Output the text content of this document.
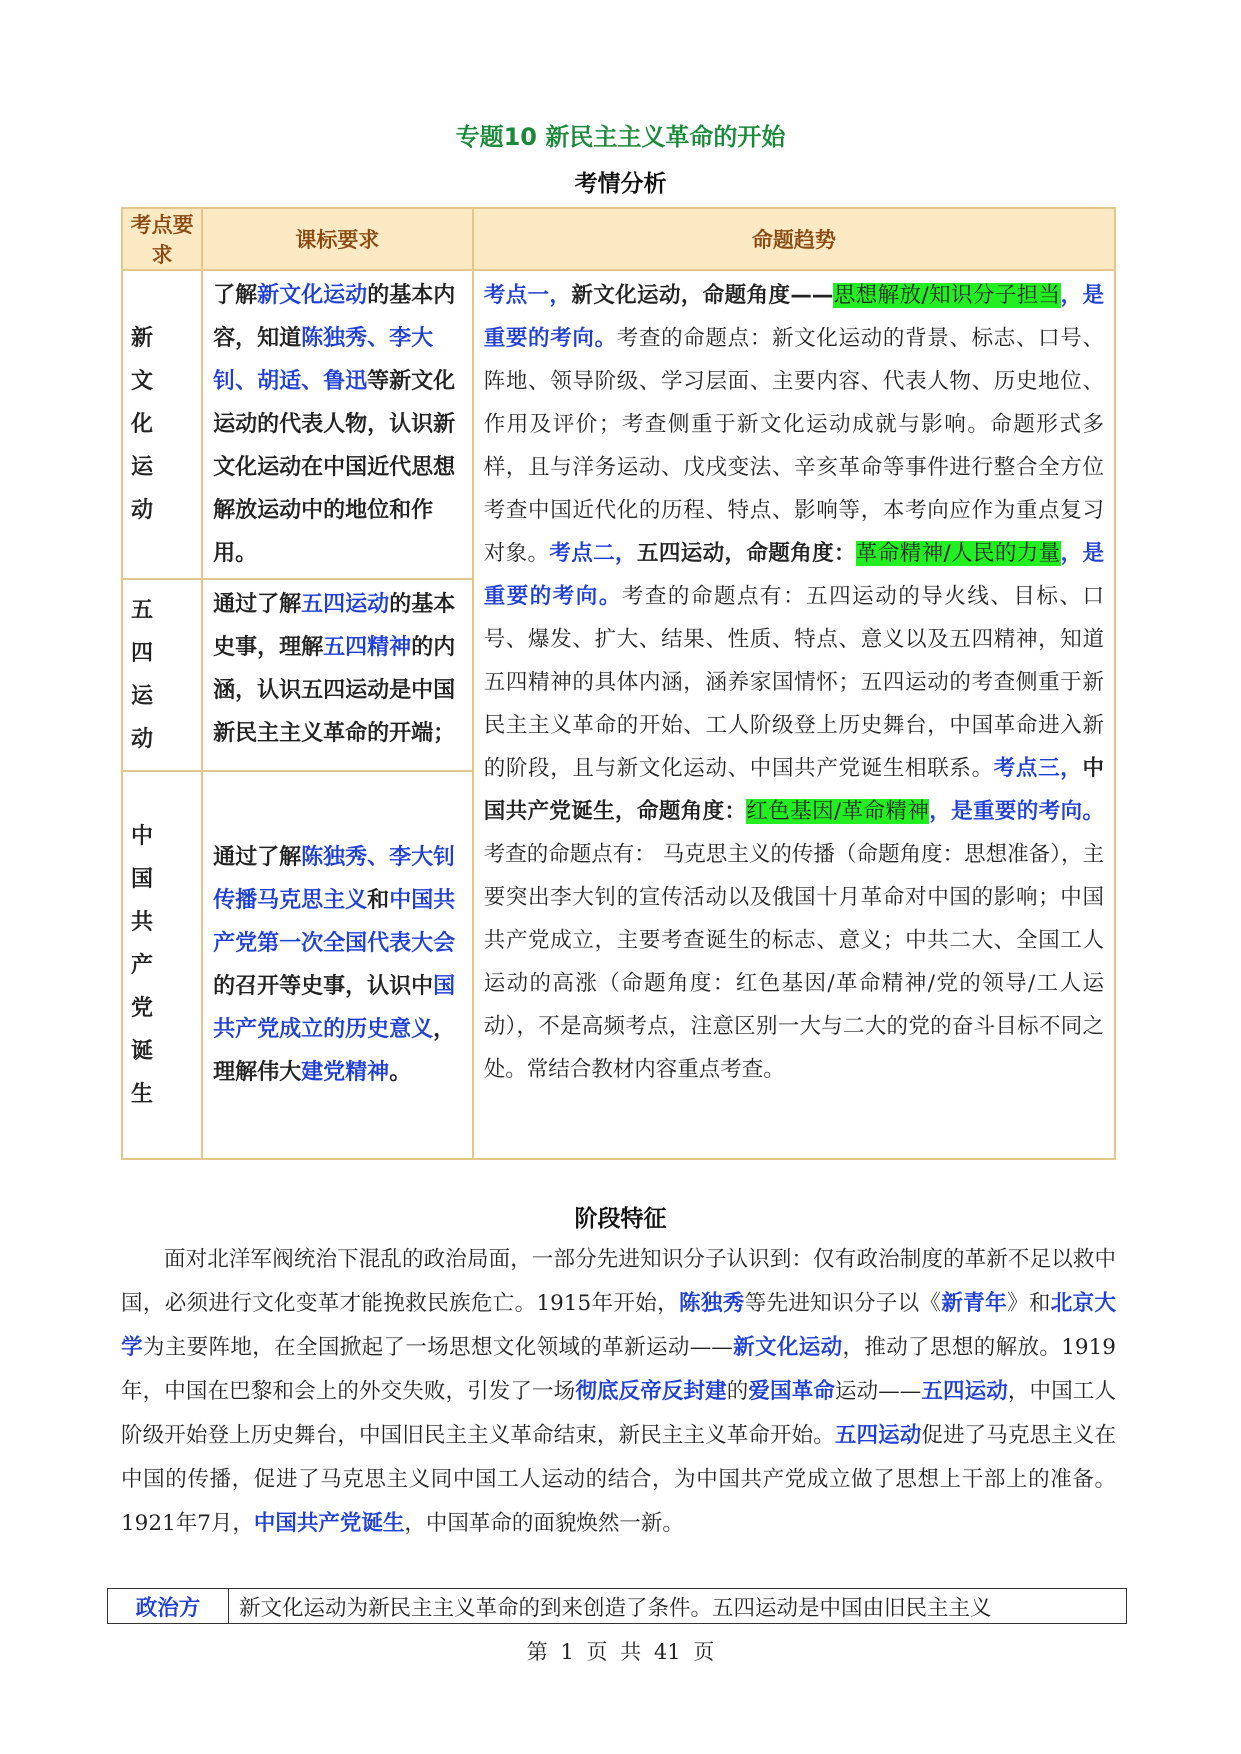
专题10 新民主主义革命的开始
考情分析
考点要求	课标要求	命题趋势
新 文 化 运 动	了解新文化运动的基本内容，知道陈独秀、李大钊、胡适、鲁迅等新文化运动的代表人物，认识新文化运动在中国近代思想解放运动中的地位和作用。	考点一，新文化运动，命题角度——思想解放/知识分子担当，是重要的考向。考查的命题点：新文化运动的背景、标志、口号、阵地、领导阶级、学习层面、主要内容、代表人物、历史地位、作用及评价；考查侧重于新文化运动成就与影响。命题形式多样，且与洋务运动、戊戌变法、辛亥革命等事件进行整合全方位考查中国近代化的历程、特点、影响等，本考向应作为重点复习对象。考点二，五四运动，命题角度：革命精神/人民的力量，是重要的考向。考查的命题点有：五四运动的导火线、目标、口号、爆发、扩大、结果、性质、特点、意义以及五四精神，知道五四精神的具体内涵，涵养家国情怀；五四运动的考查侧重于新民主主义革命的开始、工人阶级登上历史舞台，中国革命进入新的阶段，且与新文化运动、中国共产党诞生相联系。考点三，中国共产党诞生，命题角度：红色基因/革命精神，是重要的考向。考查的命题点有： 马克思主义的传播（命题角度：思想准备），主要突出李大钊的宣传活动以及俄国十月革命对中国的影响；中国共产党成立，主要考查诞生的标志、意义；中共二大、全国工人运动的高涨（命题角度：红色基因/革命精神/党的领导/工人运动），不是高频考点，注意区别一大与二大的党的奋斗目标不同之处。常结合教材内容重点考查。
五 四 运动	通过了解五四运动的基本史事，理解五四精神的内涵，认识五四运动是中国新民主主义革命的开端；	
中 国 共 产 党 诞 生	通过了解陈独秀、李大钊传播马克思主义和中国共产党第一次全国代表大会的召开等史事，认识中国共产党成立的历史意义，理解伟大建党精神。	
阶段特征
面对北洋军阀统治下混乱的政治局面，一部分先进知识分子认识到：仅有政治制度的革新不足以救中国，必须进行文化变革才能挽救民族危亡。1915年开始，陈独秀等先进知识分子以《新青年》和北京大学为主要阵地，在全国掀起了一场思想文化领域的革新运动——新文化运动，推动了思想的解放。1919年，中国在巴黎和会上的外交失败，引发了一场彻底反帝反封建的爱国革命运动——五四运动，中国工人阶级开始登上历史舞台，中国旧民主主义革命结束，新民主主义革命开始。五四运动促进了马克思主义在中国的传播，促进了马克思主义同中国工人运动的结合，为中国共产党成立做了思想上干部上的准备。1921年7月，中国共产党诞生，中国革命的面貌焕然一新。
政治方	新文化运动为新民主主义革命的到来创造了条件。五四运动是中国由旧民主主义
第 1 页 共 41 页
